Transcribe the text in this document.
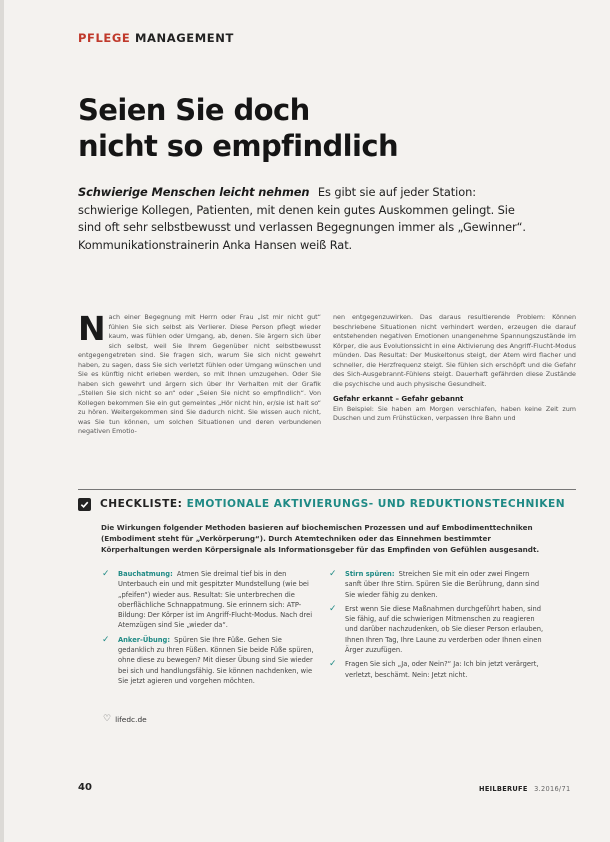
PFLEGE MANAGEMENT
Seien Sie doch
nicht so empfindlich

Schwierige Menschen leicht nehmen Es gibt sie auf jeder Station: schwierige Kollegen, Patienten, mit denen kein gutes Auskommen gelingt. Sie sind oft sehr selbstbewusst und verlassen Begegnungen immer als „Gewinner“. Kommunikationstrainerin Anka Hansen weiß Rat.

N ach einer Begegnung mit Herrn oder Frau „Ist mir nicht gut“ fühlen Sie sich selbst als Verlierer. Diese Person pflegt wieder kaum, was fühlen oder Umgang, ab, denen. Sie ärgern sich über sich selbst, weil Sie Ihrem Gegenüber nicht selbstbewusst entgegengetreten sind. Sie fragen sich, warum Sie sich nicht gewehrt haben, zu sagen, dass Sie sich verletzt fühlen oder Umgang wünschen und Sie es künftig nicht erleben werden, so mit Ihnen umzugehen. Oder Sie haben sich gewehrt und ärgern sich über Ihr Verhalten mit der Grafik „Stellen Sie sich nicht so an“ oder „Seien Sie nicht so empfindlich“. Von Kollegen bekommen Sie ein gut gemeintes „Hör nicht hin, er/sie ist halt so“ zu hören. Weitergekommen sind Sie dadurch nicht. Sie wissen auch nicht, was Sie tun können, um solchen Situationen und deren verbundenen negativen Emotio-
nen entgegenzuwirken. Das daraus resultierende Problem: Können beschriebene Situationen nicht verhindert werden, erzeugen die darauf entstehenden negativen Emotionen unangenehme Spannungszustände im Körper, die aus Evolutionssicht in eine Aktivierung des Angriff-Flucht-Modus münden. Das Resultat: Der Muskeltonus steigt, der Atem wird flacher und schneller, die Herzfrequenz steigt. Sie fühlen sich erschöpft und die Gefahr des Sich-Ausgebrannt-Fühlens steigt. Dauerhaft gefährden diese Zustände die psychische und auch physische Gesundheit.
Gefahr erkannt – Gefahr gebannt
Ein Beispiel: Sie haben am Morgen verschlafen, haben keine Zeit zum Duschen und zum Frühstücken, verpassen Ihre Bahn und
CHECKLISTE: EMOTIONALE AKTIVIERUNGS- UND REDUKTIONSTECHNIKEN

Die Wirkungen folgender Methoden basieren auf biochemischen Prozessen und auf Embodimenttechniken (Embodiment steht für „Verkörperung“). Durch Atemtechniken oder das Einnehmen bestimmter Körperhaltungen werden Körpersignale als Informationsgeber für das Empfinden von Gefühlen ausgesandt.

✓ Bauchatmung: Atmen Sie dreimal tief bis in den Unterbauch ein und mit gespitzter Mundstellung (wie bei „pfeifen“) wieder aus. Resultat: Sie unterbrechen die oberflächliche Schnappatmung. Sie erinnern sich: ATP-Bildung: Der Körper ist im Angriff-Flucht-Modus. Nach drei Atemzügen sind Sie „wieder da“.
✓ Anker-Übung: Spüren Sie Ihre Füße. Gehen Sie gedanklich zu Ihren Füßen. Können Sie beide Füße spüren, ohne diese zu bewegen? Mit dieser Übung sind Sie wieder bei sich und handlungsfähig. Sie können nachdenken, wie Sie jetzt agieren und vorgehen möchten.
✓ Stirn spüren: Streichen Sie mit ein oder zwei Fingern sanft über Ihre Stirn. Spüren Sie die Berührung, dann sind Sie wieder fähig zu denken.
✓ Erst wenn Sie diese Maßnahmen durchgeführt haben, sind Sie fähig, auf die schwierigen Mitmenschen zu reagieren und darüber nachzudenken, ob Sie dieser Person erlauben, Ihnen Ihren Tag, Ihre Laune zu verderben oder Ihnen einen Ärger zuzufügen.
✓ Fragen Sie sich „Ja, oder Nein?“ Ja: Ich bin jetzt verärgert, verletzt, beschämt. Nein: Jetzt nicht.
♡ lifedc.de
40	HEILBERUFE 3.2016/71
